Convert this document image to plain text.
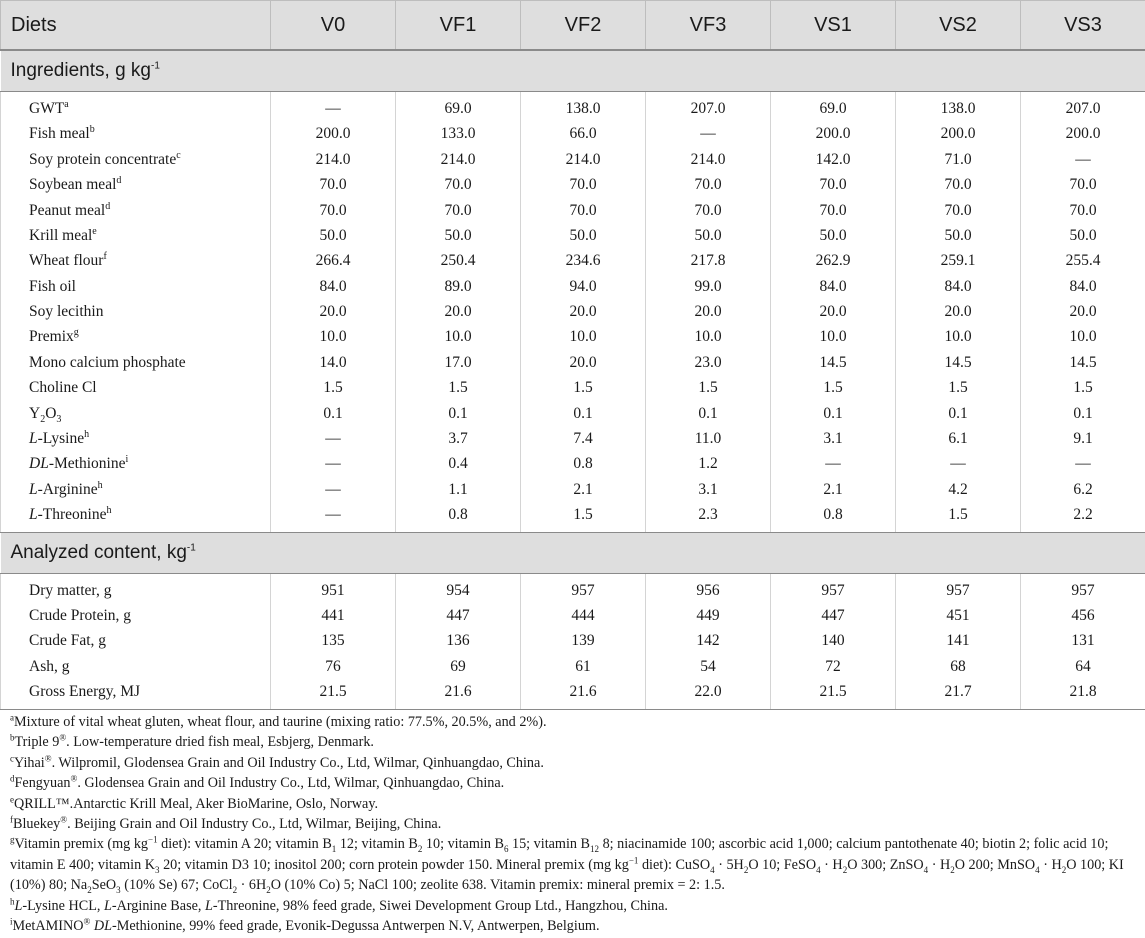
Diets	V0	VF1	VF2	VF3	VS1	VS2	VS3
Ingredients, g $kg^{-1}$
GWT$^a$	—	69.0	138.0	207.0	69.0	138.0	207.0
Fish meal$^b$	200.0	133.0	66.0	—	200.0	200.0	200.0
Soy protein concentrate$^c$	214.0	214.0	214.0	214.0	142.0	71.0	—
Soybean meal$^d$	70.0	70.0	70.0	70.0	70.0	70.0	70.0
Peanut meal$^d$	70.0	70.0	70.0	70.0	70.0	70.0	70.0
Krill meal$^e$	50.0	50.0	50.0	50.0	50.0	50.0	50.0
Wheat flour$^f$	266.4	250.4	234.6	217.8	262.9	259.1	255.4
Fish oil	84.0	89.0	94.0	99.0	84.0	84.0	84.0
Soy lecithin	20.0	20.0	20.0	20.0	20.0	20.0	20.0
Premix$^g$	10.0	10.0	10.0	10.0	10.0	10.0	10.0
Mono calcium phosphate	14.0	17.0	20.0	23.0	14.5	14.5	14.5
Choline Cl	1.5	1.5	1.5	1.5	1.5	1.5	1.5
$Y_2O_3$	0.1	0.1	0.1	0.1	0.1	0.1	0.1
L-Lysine$^h$	—	3.7	7.4	11.0	3.1	6.1	9.1
DL-Methionine$^i$	—	0.4	0.8	1.2	—	—	—
L-Arginine$^h$	—	1.1	2.1	3.1	2.1	4.2	6.2
L-Threonine$^h$	—	0.8	1.5	2.3	0.8	1.5	2.2
Analyzed content, $kg^{-1}$
Dry matter, g	951	954	957	956	957	957	957
Crude Protein, g	441	447	444	449	447	451	456
Crude Fat, g	135	136	139	142	140	141	131
Ash, g	76	69	61	54	72	68	64
Gross Energy, MJ	21.5	21.6	21.6	22.0	21.5	21.7	21.8

$^a$Mixture of vital wheat gluten, wheat flour, and taurine (mixing ratio: 77.5%, 20.5%, and 2%).

$^b$Triple 9®. Low-temperature dried fish meal, Esbjerg, Denmark.

$^c$Yihai®. Wilpromil, Glodensea Grain and Oil Industry Co., Ltd, Wilmar, Qinhuangdao, China.

$^d$Fengyuan®. Glodensea Grain and Oil Industry Co., Ltd, Wilmar, Qinhuangdao, China.

$^e$QRILL™.Antarctic Krill Meal, Aker BioMarine, Oslo, Norway.

$^f$Bluekey®. Beijing Grain and Oil Industry Co., Ltd, Wilmar, Beijing, China.

$^g$Vitamin premix (mg $kg^{-1}$ diet): vitamin A 20; vitamin $B_1$ 12; vitamin $B_2$ 10; vitamin $B_6$ 15; vitamin $B_{12}$ 8; niacinamide 100; ascorbic acid 1,000; calcium pantothenate 40; biotin 2; folic acid 10; vitamin E 400; vitamin $K_3$ 20; vitamin D3 10; inositol 200; corn protein powder 150. Mineral premix (mg $kg^{-1}$ diet): CuSO$_4$ · $5H_2O$ 10; FeSO$_4$ · $H_2O$ 300; ZnSO$_4$ · $H_2O$ 200; MnSO$_4$ · $H_2O$ 100; KI (10%) 80; $Na_2SeO_3$ (10% Se) 67; CoCl$_2$ · $6H_2O$ (10% Co) 5; NaCl 100; zeolite 638. Vitamin premix: mineral premix = 2: 1.5.

$^h$L-Lysine HCL, L-Arginine Base, L-Threonine, 98% feed grade, Siwei Development Group Ltd., Hangzhou, China.

$^i$MetAMINO® DL-Methionine, 99% feed grade, Evonik-Degussa Antwerpen N.V, Antwerpen, Belgium.
